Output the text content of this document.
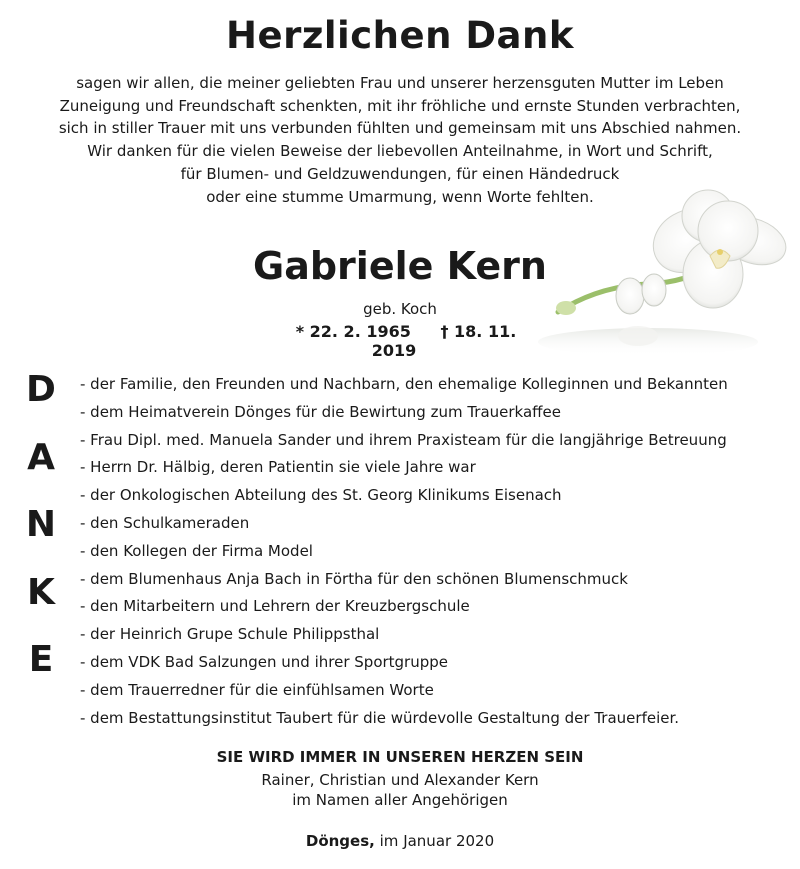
Herzlichen Dank
sagen wir allen, die meiner geliebten Frau und unserer herzensguten Mutter im Leben
Zuneigung und Freundschaft schenkten, mit ihr fröhliche und ernste Stunden verbrachten,
sich in stiller Trauer mit uns verbunden fühlten und gemeinsam mit uns Abschied nahmen.
Wir danken für die vielen Beweise der liebevollen Anteilnahme, in Wort und Schrift,
für Blumen- und Geldzuwendungen, für einen Händedruck
oder eine stumme Umarmung, wenn Worte fehlten.
Gabriele Kern
geb. Koch
* 22. 2. 1965 † 18. 11. 2019
D
A
N
K
E
- der Familie, den Freunden und Nachbarn, den ehemalige Kolleginnen und Bekannten
- dem Heimatverein Dönges für die Bewirtung zum Trauerkaffee
- Frau Dipl. med. Manuela Sander und ihrem Praxisteam für die langjährige Betreuung
- Herrn Dr. Hälbig, deren Patientin sie viele Jahre war
- der Onkologischen Abteilung des St. Georg Klinikums Eisenach
- den Schulkameraden
- den Kollegen der Firma Model
- dem Blumenhaus Anja Bach in Förtha für den schönen Blumenschmuck
- den Mitarbeitern und Lehrern der Kreuzbergschule
- der Heinrich Grupe Schule Philippsthal
- dem VDK Bad Salzungen und ihrer Sportgruppe
- dem Trauerredner für die einfühlsamen Worte
- dem Bestattungsinstitut Taubert für die würdevolle Gestaltung der Trauerfeier.
SIE WIRD IMMER IN UNSEREN HERZEN SEIN
Rainer, Christian und Alexander Kern
im Namen aller Angehörigen
Dönges, im Januar 2020
